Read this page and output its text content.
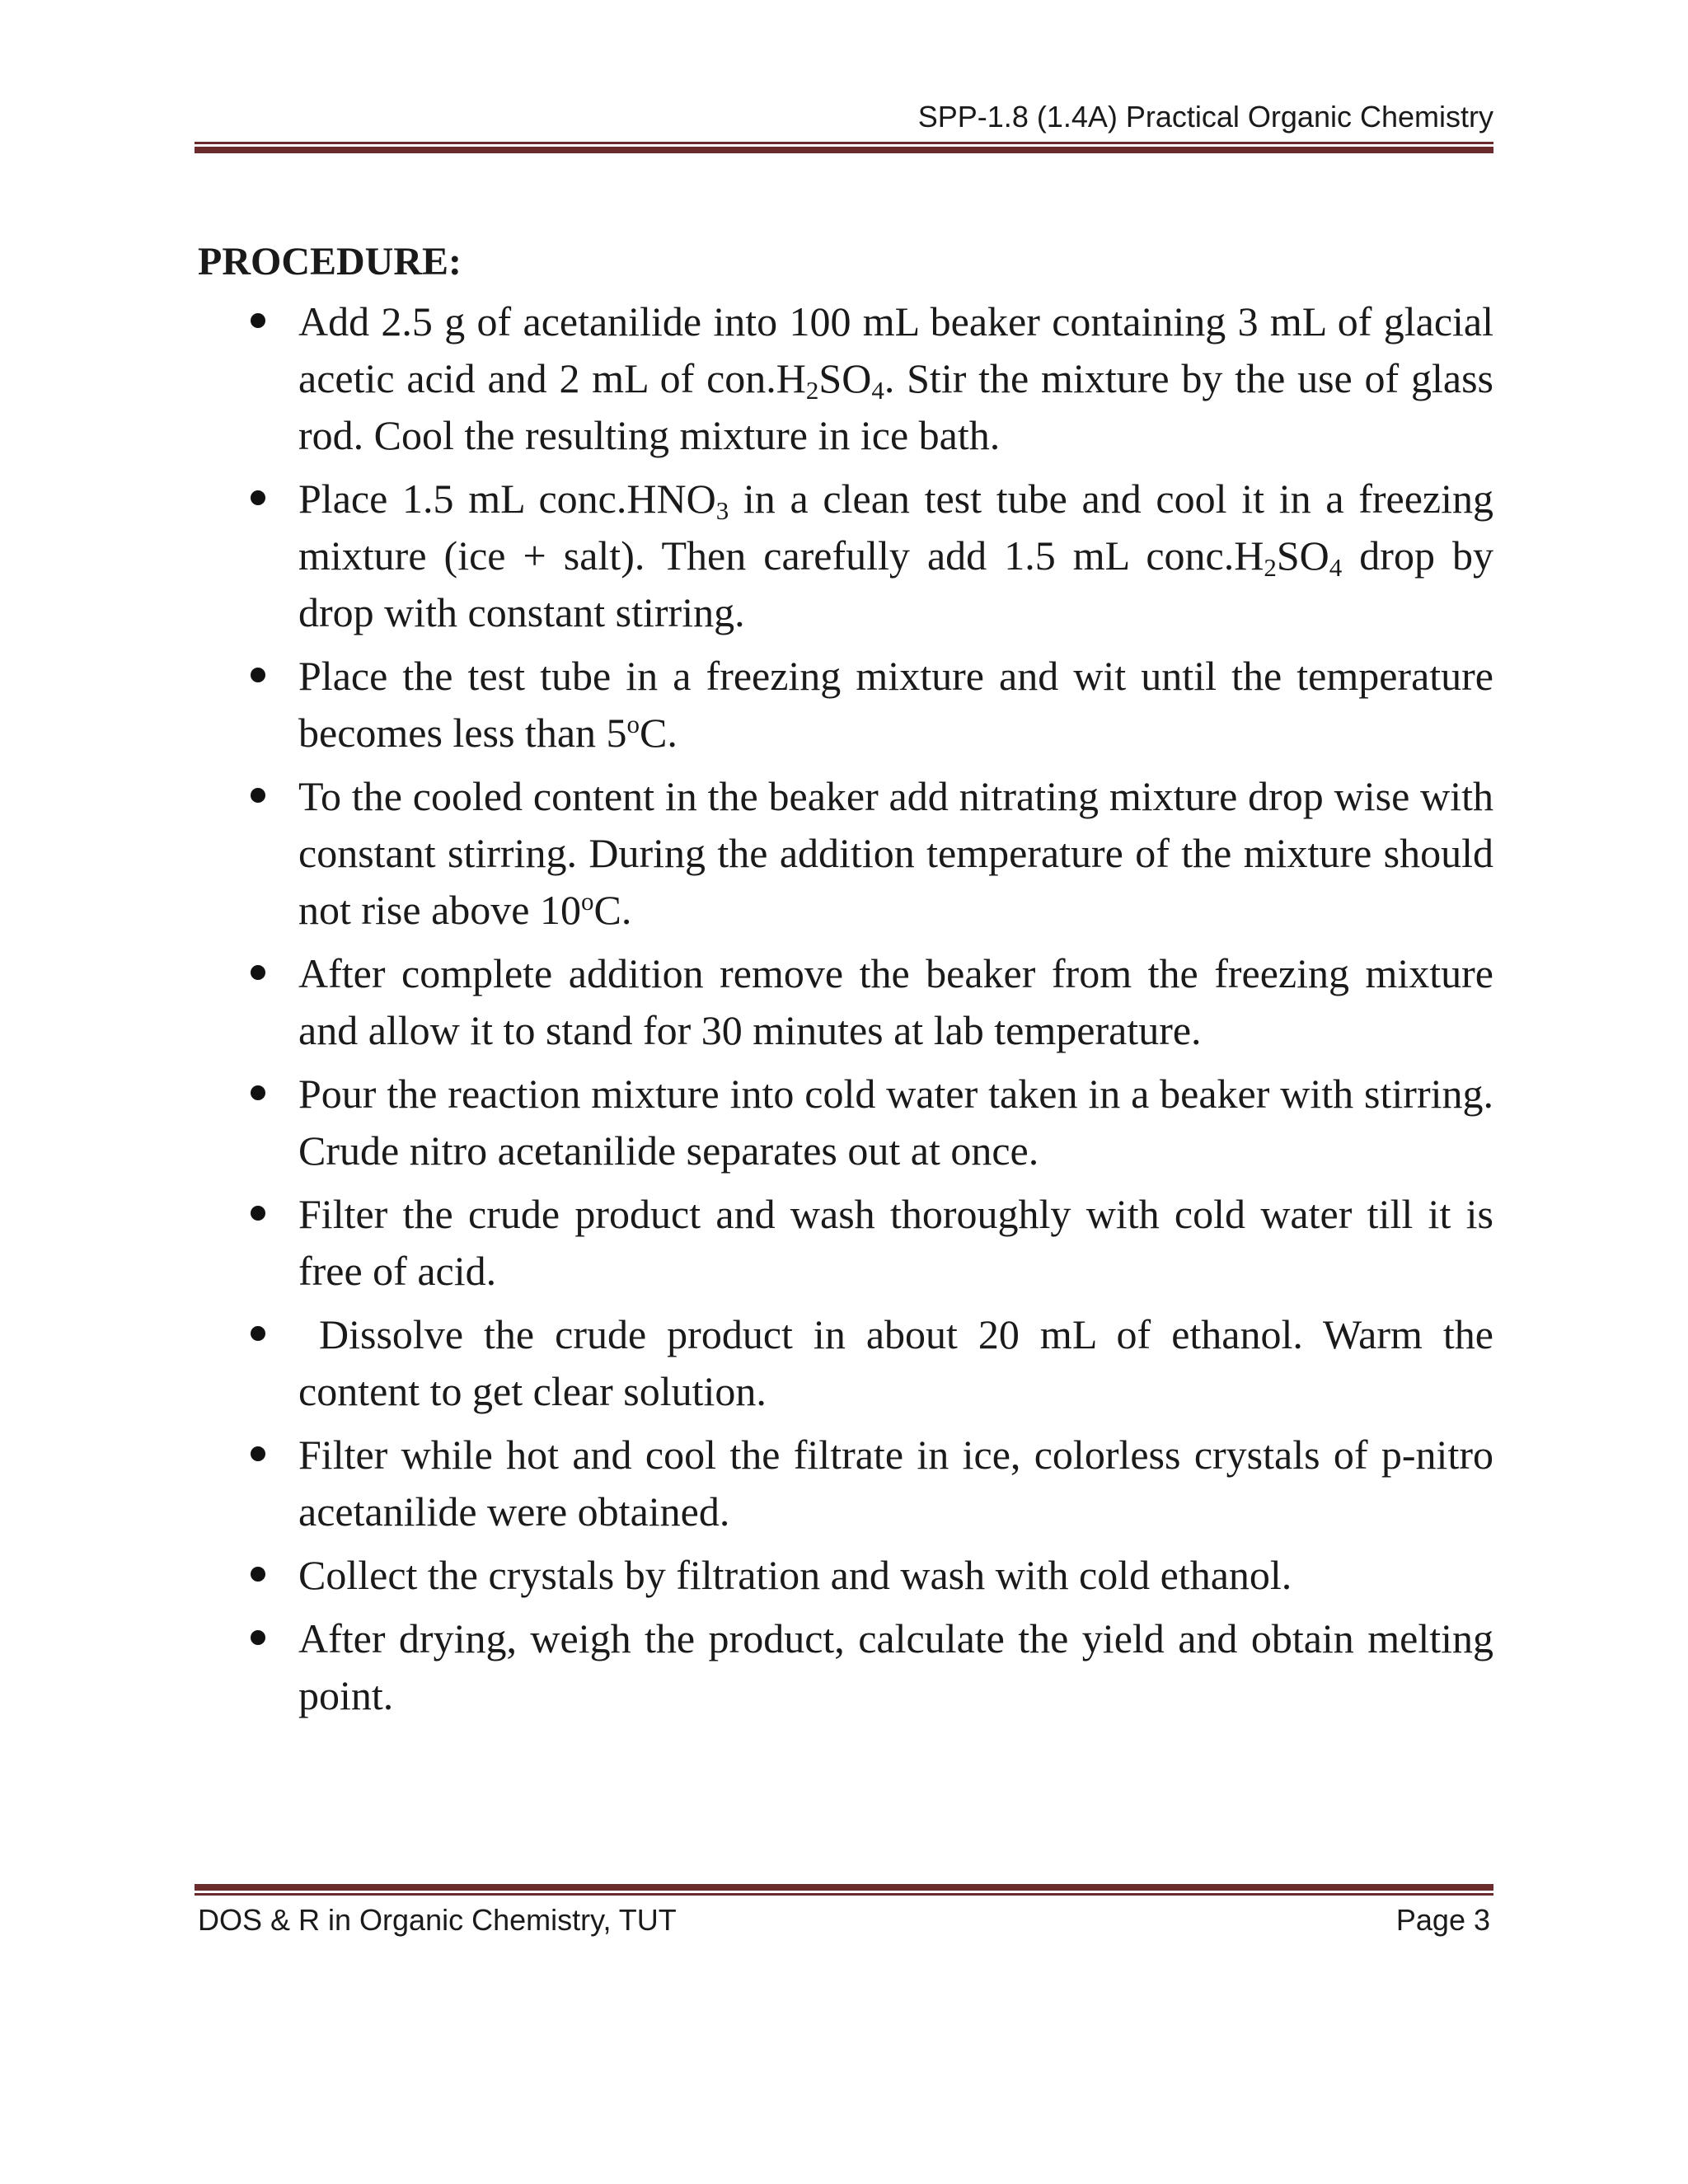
SPP-1.8 (1.4A) Practical Organic Chemistry
PROCEDURE:
Add 2.5 g of acetanilide into 100 mL beaker containing 3 mL of glacial acetic acid and 2 mL of $con.H_2SO_4$. Stir the mixture by the use of glass rod. Cool the resulting mixture in ice bath.
Place 1.5 mL $conc.HNO_3$ in a clean test tube and cool it in a freezing mixture (ice + salt). Then carefully add 1.5 mL $conc.H_2SO_4$ drop by drop with constant stirring.
Place the test tube in a freezing mixture and wit until the temperature becomes less than 5$^o$C.
To the cooled content in the beaker add nitrating mixture drop wise with constant stirring. During the addition temperature of the mixture should not rise above 10$^o$C.
After complete addition remove the beaker from the freezing mixture and allow it to stand for 30 minutes at lab temperature.
Pour the reaction mixture into cold water taken in a beaker with stirring. Crude nitro acetanilide separates out at once.
Filter the crude product and wash thoroughly with cold water till it is free of acid.
Dissolve the crude product in about 20 mL of ethanol. Warm the content to get clear solution.
Filter while hot and cool the filtrate in ice, colorless crystals of p-nitro acetanilide were obtained.
Collect the crystals by filtration and wash with cold ethanol.
After drying, weigh the product, calculate the yield and obtain melting point.
DOS & R in Organic Chemistry, TUT	Page 3
